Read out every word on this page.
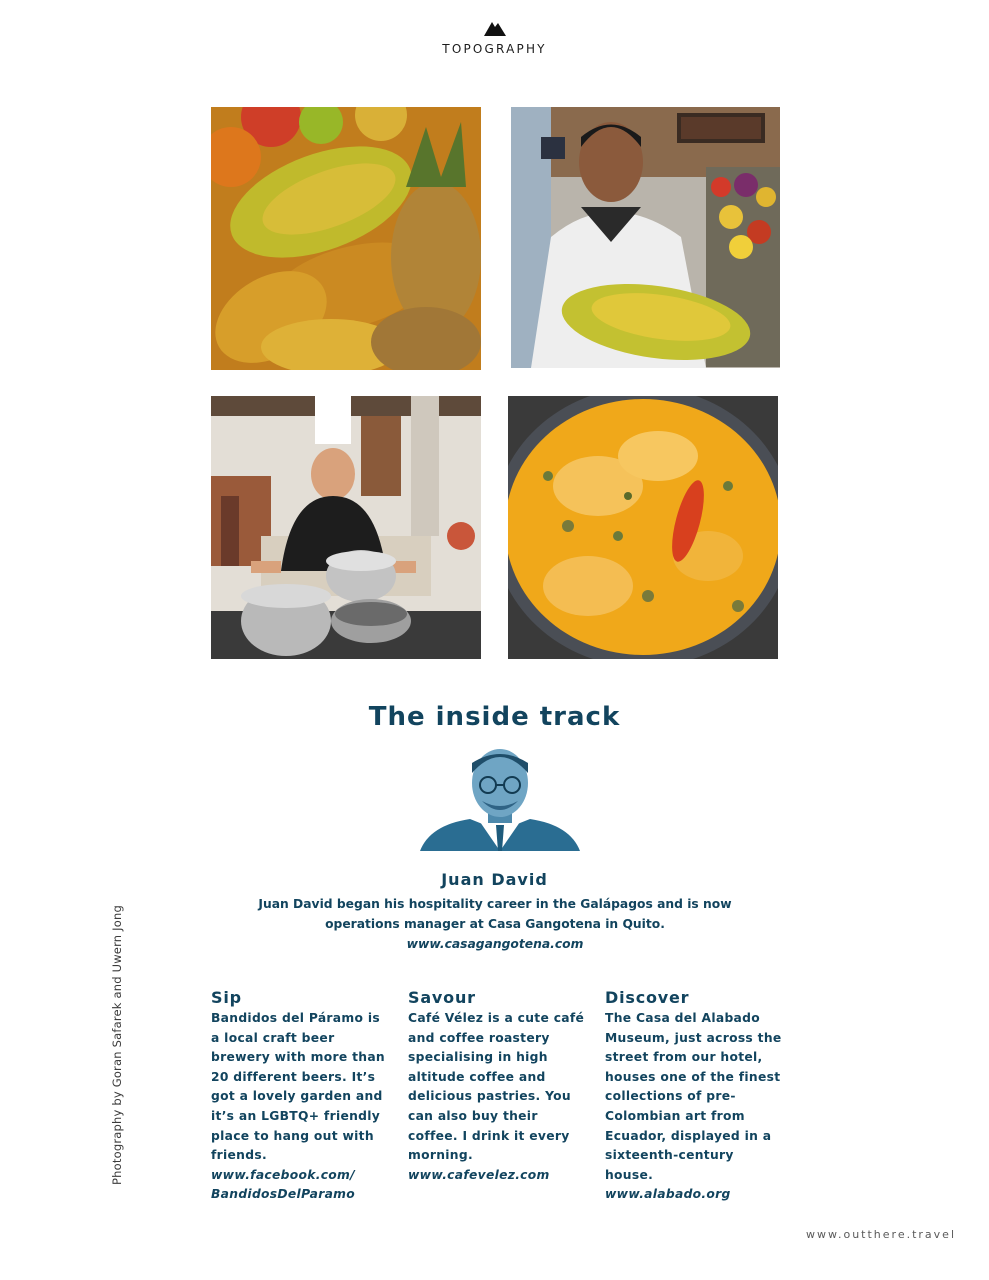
TOPOGRAPHY
The inside track
Juan David
Juan David began his hospitality career in the Galápagos and is now operations manager at Casa Gangotena in Quito. www.casagangotena.com
Sip

Bandidos del Páramo is a local craft beer brewery with more than 20 different beers. It’s got a lovely garden and it’s an LGBTQ+ friendly place to hang out with friends. www.facebook.com/ BandidosDelParamo

Savour

Café Vélez is a cute café and coffee roastery specialising in high altitude coffee and delicious pastries. You can also buy their coffee. I drink it every morning. www.cafevelez.com

Discover

The Casa del Alabado Museum, just across the street from our hotel, houses one of the finest collections of pre-Colombian art from Ecuador, displayed in a sixteenth-century house. www.alabado.org

Photography by Goran Safarek and Uwern Jong
www.outthere.travel
